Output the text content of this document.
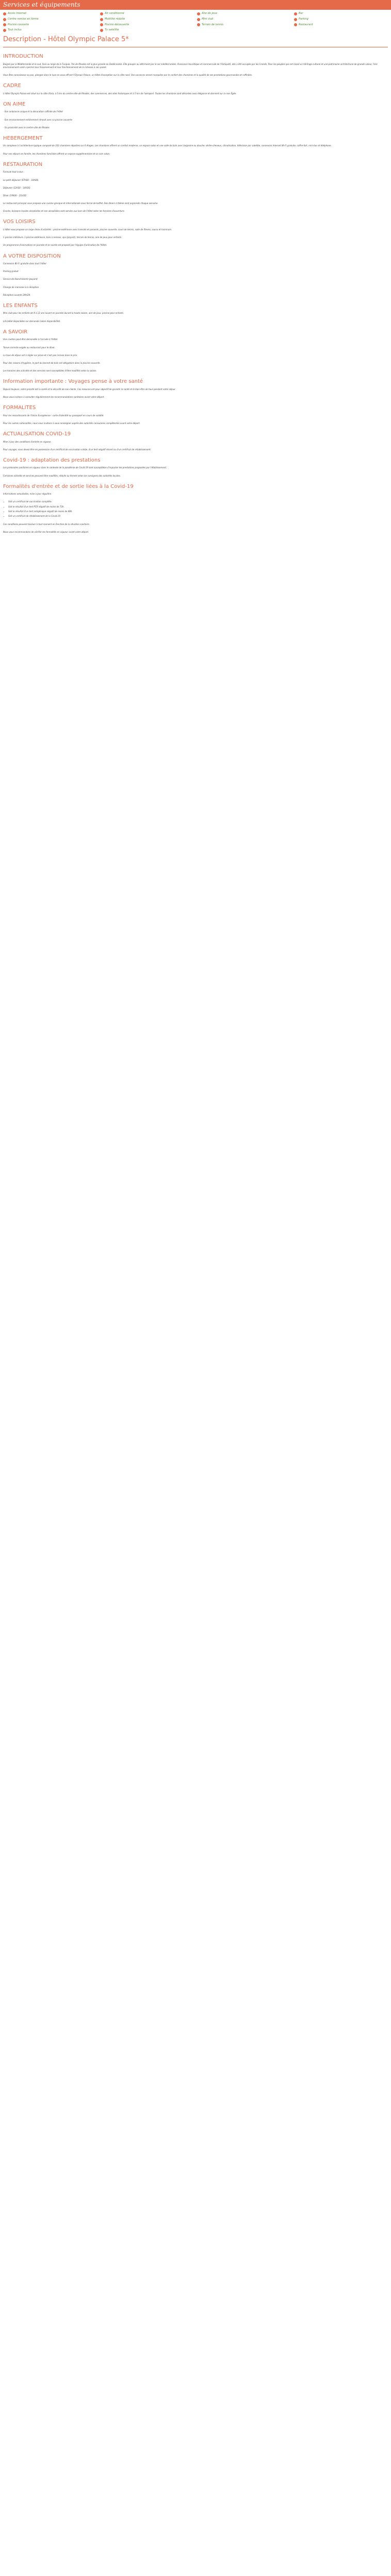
Services et équipements
Accès Internet	Air conditionné	Aire de jeux	Bar
Centre remise en forme	Mobilité réduite	Mini club	Parking
Piscine couverte	Piscine découverte	Terrain de tennis	Restaurant
Tout inclus	Tv satellite
Description - Hôtel Olympic Palace 5*
INTRODUCTION

Baigné par la Méditerranée et le sud, face au large de la Turquie, l'île de Rhodes est la plus grande du Dodécanèse. Elle grouper au détriment par le sol méditerranéen. Puissance touristique et commerciale de l'Antiquité, elle a été occupée par les Croisés. Pour les peuples qui ont laissé un héritage culturel et une patrimoine architectural de grande valeur, l'ére environnement varié a permis leur foisonnement et leur fonctionnement de la richesse à son passé.

Vous êtes connaisseur ou pas, plongez dans le luxe en vous offrant l'Olympic Palace, un hôtel d'exception sur la côte nord. Vos vacances seront marquées par le confort des chambres et la qualité de ses prestations gourmandes et raffinées.

CADRE

L'hôtel Olympic Palace est situé sur la côte d'Ixia, à 5 km du centre-ville de Rhodes, des commerces, des sites historiques et à 5 km de l'aéroport. Toutes les chambres sont décorées avec élégance et donnent sur la mer Égée.

ON AIME

- Son ambiance unique et la décoration raffinée de l'hôtel

- Son environnement entièrement rénové avec sa piscine couverte

- Sa proximité avec le centre-ville de Rhodes

HEBERGEMENT

Un complexe à l'architecture typique composé de 332 chambres réparties sur 6 étages. Les chambres offrent un confort moderne, un espace salon et une salle de bain avec baignoire ou douche, sèche-cheveux, climatisation, télévision par satellite, connexion Internet Wi-Fi gratuite, coffre-fort, mini-bar et téléphone.

Pour vos séjours en famille, les chambres familiales offrent un espace supplémentaire et un coin salon.

RESTAURATION

Formule tout inclus :

Le petit déjeuner (07h00 – 10h00)

Déjeuner (12h30 – 14h30)

Dîner (19h00 – 21h30)

Le restaurant principal vous propose une cuisine grecque et internationale sous forme de buffet. Des dîners à thème sont organisés chaque semaine.

Snacks, boissons locales alcoolisées et non alcoolisées sont servies aux bars de l'hôtel selon les horaires d'ouverture.

VOS LOISIRS

L'hôtel vous propose un large choix d'activités : piscine extérieure avec transats et parasols, piscine couverte, court de tennis, salle de fitness, sauna et hammam.

1 piscine intérieure, 1 piscine extérieure, bain à remous, spa (payant), terrain de tennis, aire de jeux pour enfants.

Un programme d'animations en journée et en soirée est proposé par l'équipe d'animation de l'hôtel.

A VOTRE DISPOSITION

Connexion Wi-Fi gratuite dans tout l'hôtel

Parking gratuit

Service de blanchisserie (payant)

Change de monnaie à la réception

Réception ouverte 24h/24

LES ENFANTS

Mini club pour les enfants de 4 à 12 ans ouvert en journée durant la haute saison, aire de jeux, piscine pour enfants.

Lits bébé disponibles sur demande (selon disponibilité).

A SAVOIR

Une caution peut être demandée à l'arrivée à l'hôtel.

Tenue correcte exigée au restaurant pour le dîner.

La taxe de séjour est à régler sur place et n'est pas incluse dans le prix.

Pour des raisons d'hygiène, le port du bonnet de bain est obligatoire dans la piscine couverte.

Les horaires des activités et des services sont susceptibles d'être modifiés selon la saison.

Information importante : Voyages pense à votre santé

Depuis toujours, notre priorité est la santé et la sécurité de nos clients. Ces mesures ont pour objectif de garantir la santé et le bien-être de tous pendant votre séjour.

Nous vous invitons à consulter régulièrement les recommandations sanitaires avant votre départ.

FORMALITES

Pour les ressortissants de l'Union Européenne : carte d'identité ou passeport en cours de validité.

Pour les autres nationalités, nous vous invitons à vous renseigner auprès des autorités consulaires compétentes avant votre départ.

ACTUALISATION COVID-19

Mise à jour des conditions d'entrée en vigueur.

Pour voyager, vous devez être en possession d'un certificat de vaccination valide, d'un test négatif récent ou d'un certificat de rétablissement.

Covid-19 : adaptation des prestations

Les protocoles sanitaires en vigueur dans le contexte de la pandémie de Covid-19 sont susceptibles d'impacter les prestations proposées par l'établissement.

Certaines activités et services peuvent être modifiés, réduits ou fermés selon les consignes des autorités locales.

Formalités d'entrée et de sortie liées à la Covid-19

Informations actualisées, mise à jour régulière.

• Soit un certificat de vaccination complète.
• Soit le résultat d'un test PCR négatif de moins de 72h.
• Soit le résultat d'un test antigénique négatif de moins de 48h.
• Soit un certificat de rétablissement de la Covid-19.

Ces conditions peuvent évoluer à tout moment en fonction de la situation sanitaire.

Nous vous recommandons de vérifier les formalités en vigueur avant votre départ.
